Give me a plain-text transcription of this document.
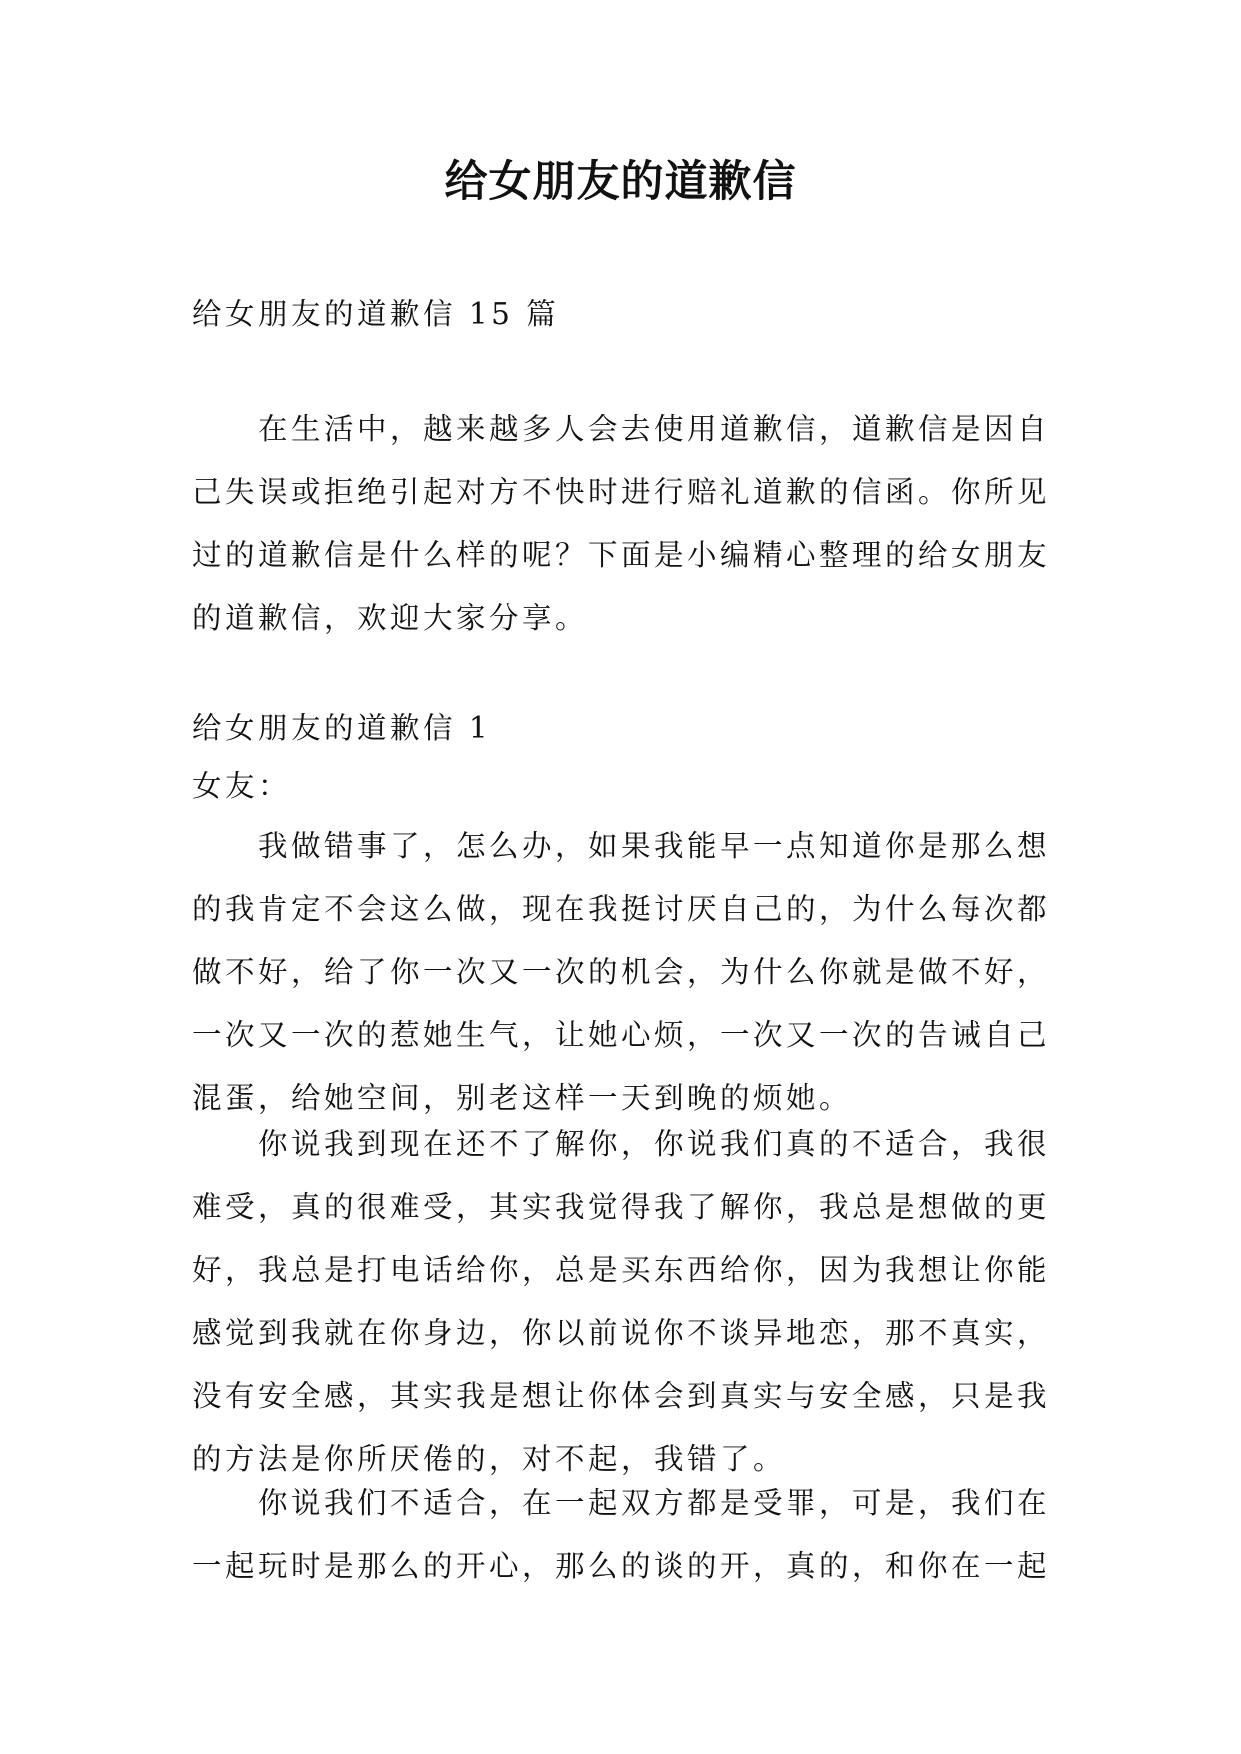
给女朋友的道歉信

给女朋友的道歉信 15 篇

在生活中，越来越多人会去使用道歉信，道歉信是因自己失误或拒绝引起对方不快时进行赔礼道歉的信函。你所见过的道歉信是什么样的呢？下面是小编精心整理的给女朋友的道歉信，欢迎大家分享。

给女朋友的道歉信 1

女友：

我做错事了，怎么办，如果我能早一点知道你是那么想的我肯定不会这么做，现在我挺讨厌自己的，为什么每次都做不好，给了你一次又一次的机会，为什么你就是做不好，一次又一次的惹她生气，让她心烦，一次又一次的告诫自己混蛋，给她空间，别老这样一天到晚的烦她。

你说我到现在还不了解你，你说我们真的不适合，我很难受，真的很难受，其实我觉得我了解你，我总是想做的更好，我总是打电话给你，总是买东西给你，因为我想让你能感觉到我就在你身边，你以前说你不谈异地恋，那不真实，没有安全感，其实我是想让你体会到真实与安全感，只是我的方法是你所厌倦的，对不起，我错了。

你说我们不适合，在一起双方都是受罪，可是，我们在一起玩时是那么的开心，那么的谈的开，真的，和你在一起
